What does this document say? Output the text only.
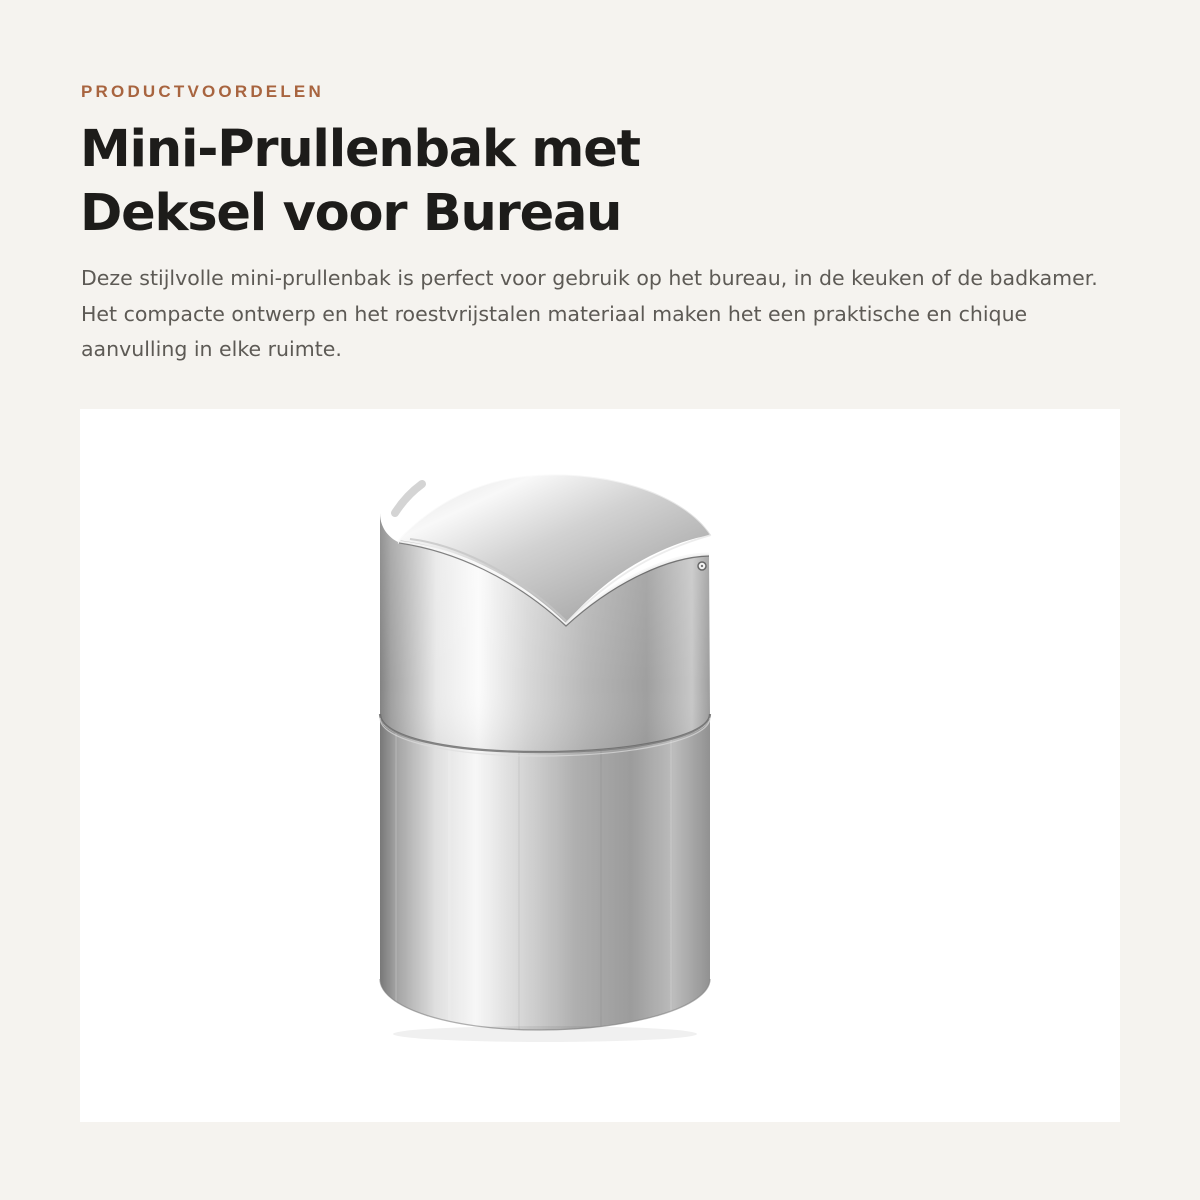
PRODUCTVOORDELEN

Mini-Prullenbak met
Deksel voor Bureau

Deze stijlvolle mini-prullenbak is perfect voor gebruik op het bureau, in de keuken of de badkamer. Het compacte ontwerp en het roestvrijstalen materiaal maken het een praktische en chique aanvulling in elke ruimte.
